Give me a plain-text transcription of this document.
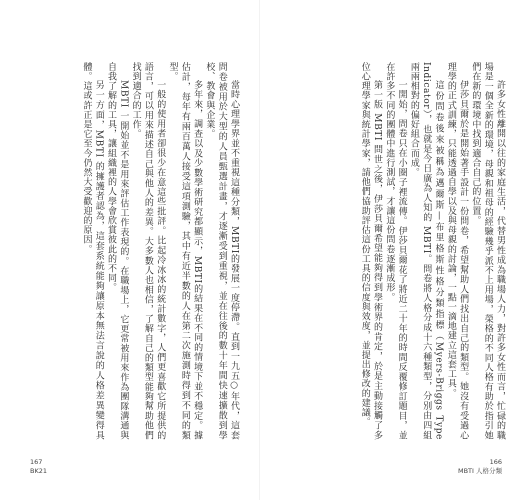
當時心理學界並不重視這種分類，MBTI的發展一度停滯。直到一九五○年代，這套問卷被用於大型的人員甄選計畫，才逐漸受到重視，並在往後的數十年間快速擴散到學校、教會與企業。

多年來，調查以及少數學術研究都顯示，MBTI的結果在不同的情境下並不穩定。據估計，每年有兩百萬人接受這項測驗，其中有近半數的人在第二次施測時得到不同的類型。

一般的使用者卻很少在意這些批評。比起冷冰冰的統計數字，人們更喜歡它所提供的語言，可以用來描述自己與他人的差異。大多數人也相信，了解自己的類型能夠幫助他們找到適合的工作。

MBTI 一開始並不是用來評估工作表現的。在職場上，它更常被用來作為團隊溝通與自我了解的工具，讓組織裡的人學會欣賞彼此的不同。

另一方面，MBTI 的擁護者認為，這套系統能夠讓原本無法言說的人格差異變得具體。這或許正是它至今仍然大受歡迎的原因。

167
BK21

許多女性離開以往的家庭生活，代替男性成為職場人力，對許多女性而言，忙碌的職場是一個全新的環境，母親和祖母的經驗幾乎派不上用場，榮格的不同人格有助於指引她們在新的環境中找到適合自己的位置。

伊莎貝爾於是開始著手設計一份問卷，希望幫助人們找出自己的類型。她沒有受過心理學的正式訓練，只能透過自學以及與母親的討論，一點一滴地建立這套工具。

這份問卷後來被稱為邁爾斯—布里格斯性格分類指標（Myers-Briggs Type Indicator），也就是今日廣為人知的 MBTI。問卷將人格分成十六種類型，分別由四組兩兩相對的偏好組合而成。

一開始，問卷只在小圈子裡流傳。伊莎貝爾花了將近二十年的時間反覆修訂題目，並在許多不同的團體中進行測試，才讓這份問卷逐漸成形。

第一版 MBTI 問世之後，伊莎貝爾希望能夠得到學術界的肯定，於是主動接觸了多位心理學家與統計學家，請他們協助評估這份工具的信度與效度，並提出修改的建議。

166
MBTI 人格分類
